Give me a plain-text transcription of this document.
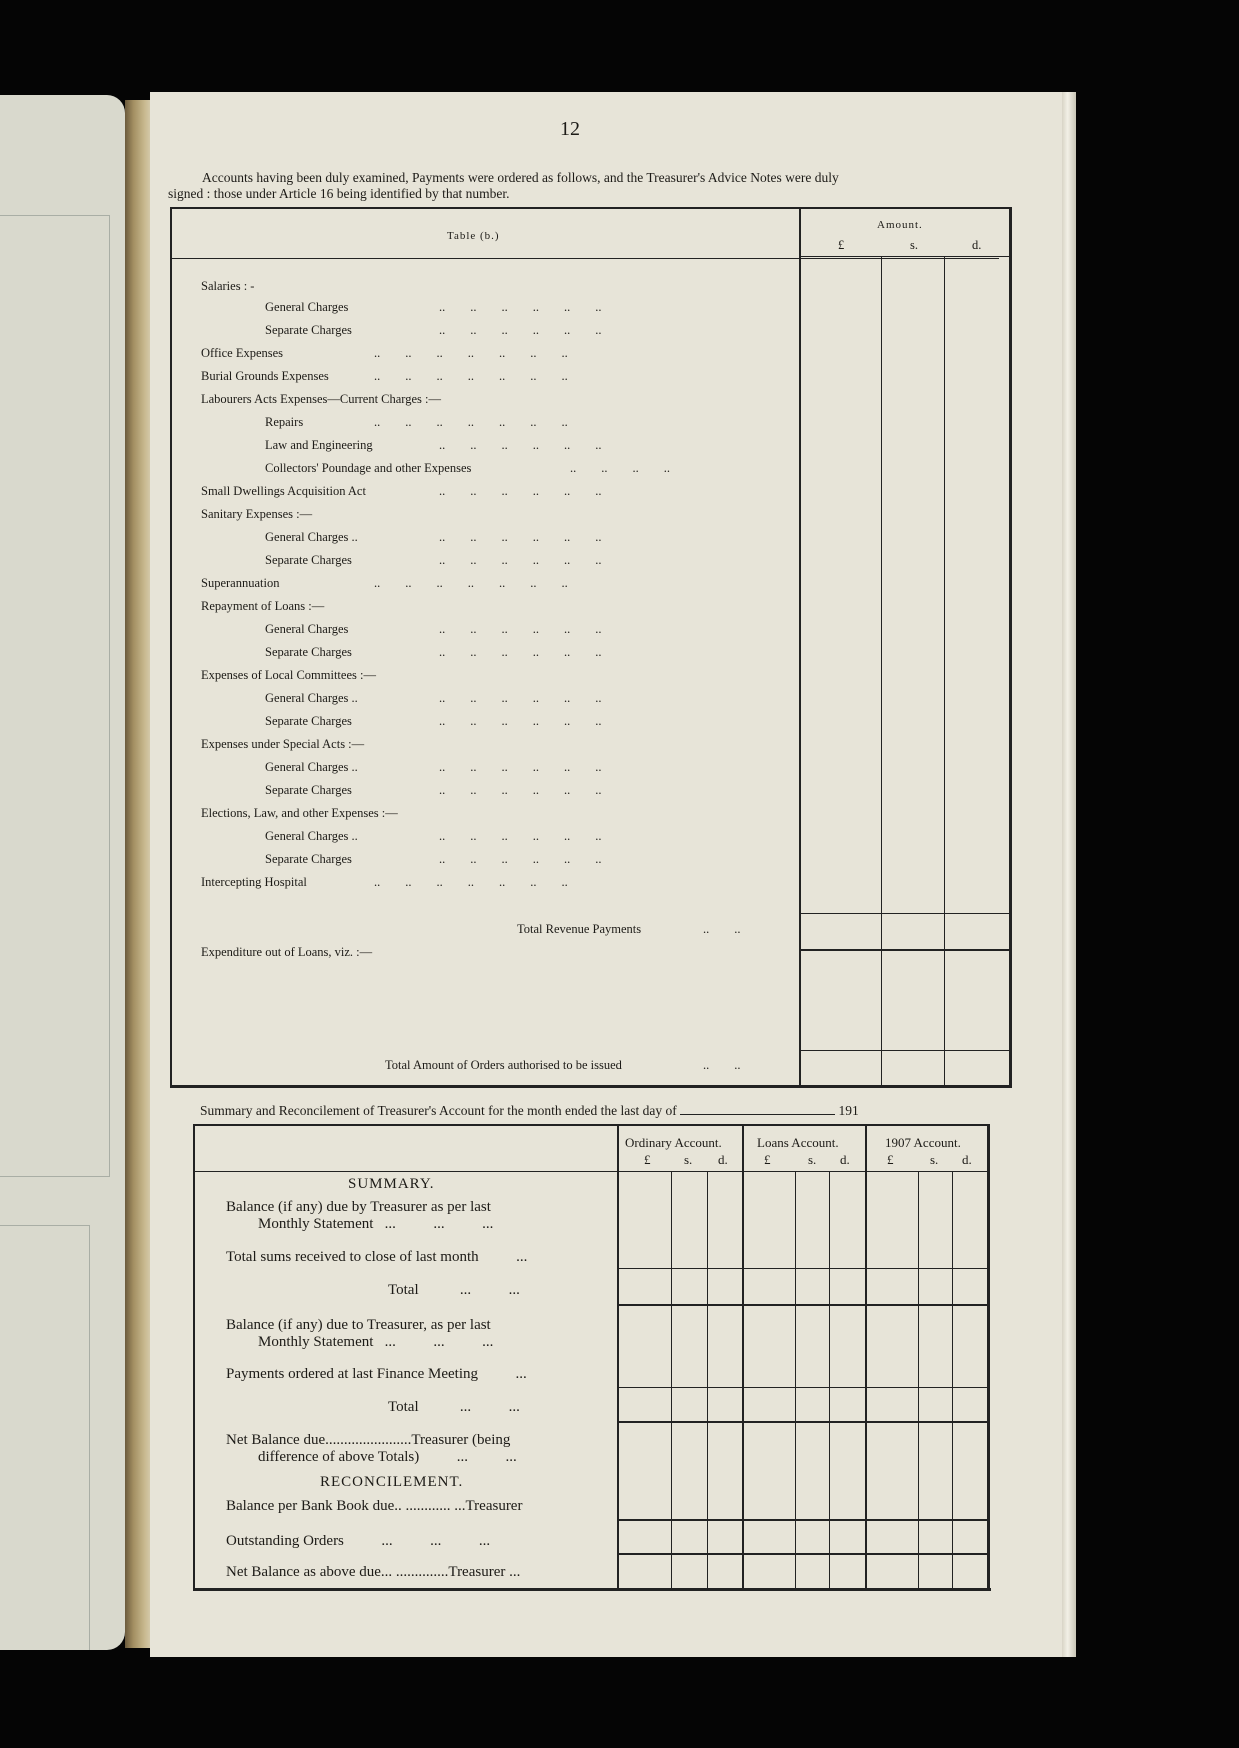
12
Accounts having been duly examined, Payments were ordered as follows, and the Treasurer's Advice Notes were duly
signed : those under Article 16 being identified by that number.
Table (b.)
Amount.
£	s.	d.
Salaries : -
General Charges	..        ..        ..        ..        ..        ..
Separate Charges	..        ..        ..        ..        ..        ..
Office Expenses	..        ..        ..        ..        ..        ..        ..
Burial Grounds Expenses	..        ..        ..        ..        ..        ..        ..
Labourers Acts Expenses—Current Charges :—
Repairs	..        ..        ..        ..        ..        ..        ..
Law and Engineering	..        ..        ..        ..        ..        ..
Collectors' Poundage and other Expenses	..        ..        ..        ..
Small Dwellings Acquisition Act	..        ..        ..        ..        ..        ..
Sanitary Expenses :—
General Charges ..	..        ..        ..        ..        ..        ..
Separate Charges	..        ..        ..        ..        ..        ..
Superannuation	..        ..        ..        ..        ..        ..        ..
Repayment of Loans :—
General Charges	..        ..        ..        ..        ..        ..
Separate Charges	..        ..        ..        ..        ..        ..
Expenses of Local Committees :—
General Charges ..	..        ..        ..        ..        ..        ..
Separate Charges	..        ..        ..        ..        ..        ..
Expenses under Special Acts :—
General Charges ..	..        ..        ..        ..        ..        ..
Separate Charges	..        ..        ..        ..        ..        ..
Elections, Law, and other Expenses :—
General Charges ..	..        ..        ..        ..        ..        ..
Separate Charges	..        ..        ..        ..        ..        ..
Intercepting Hospital	..        ..        ..        ..        ..        ..        ..
Total Revenue Payments	..        ..
Expenditure out of Loans, viz. :—
Total Amount of Orders authorised to be issued	..        ..
Summary and Reconcilement of Treasurer's Account for the month ended the last day of	191
Ordinary Account.
£	s. d.
Loans Account.
£	s. d.
1907 Account.
£	s. d.
SUMMARY.
Balance (if any) due by Treasurer as per last
Monthly Statement   ...          ...          ...
Total sums received to close of last month          ...
Total           ...          ...
Balance (if any) due to Treasurer, as per last
Monthly Statement   ...          ...          ...
Payments ordered at last Finance Meeting          ...
Total           ...          ...
Net Balance due.......................Treasurer (being
difference of above Totals)          ...          ...
RECONCILEMENT.
Balance per Bank Book due.. ............ ...Treasurer
Outstanding Orders          ...          ...          ...
Net Balance as above due... ..............Treasurer ...
